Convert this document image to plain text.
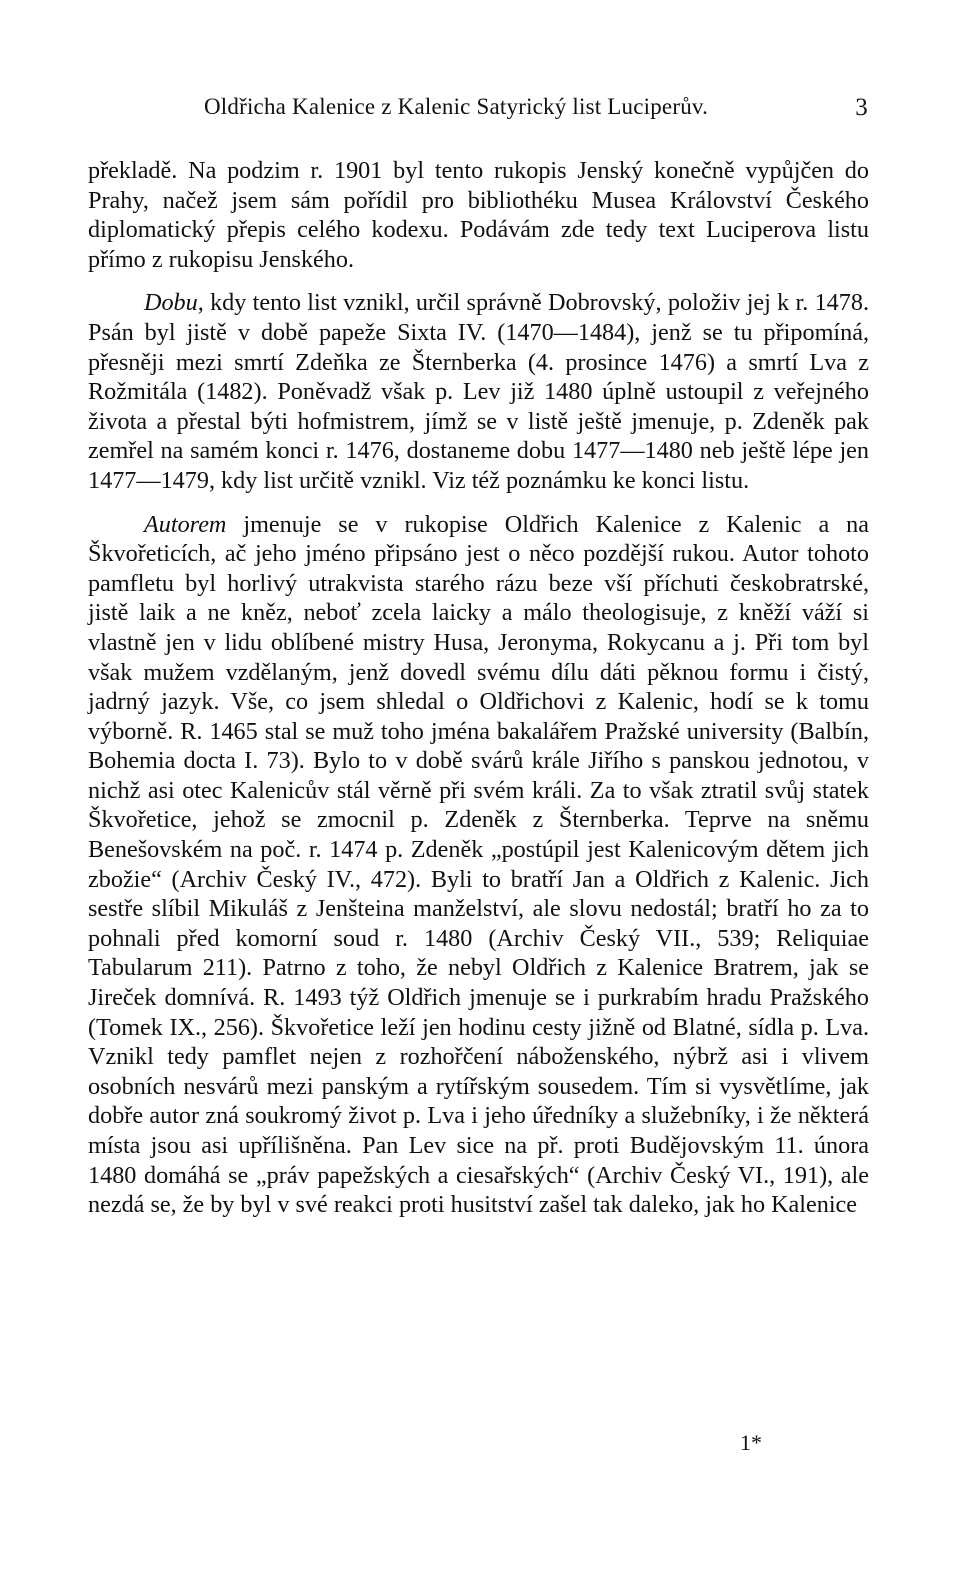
Oldřicha Kalenice z Kalenic Satyrický list Luciperův.	3

překladě. Na podzim r. 1901 byl tento rukopis Jenský konečně vypůjčen do Prahy, načež jsem sám pořídil pro bibliothéku Musea Království Českého diplomatický přepis celého kodexu. Podávám zde tedy text Luciperova listu přímo z rukopisu Jenského.

Dobu, kdy tento list vznikl, určil správně Dobrovský, položiv jej k r. 1478. Psán byl jistě v době papeže Sixta IV. (1470—1484), jenž se tu připomíná, přesněji mezi smrtí Zdeňka ze Šternberka (4. prosince 1476) a smrtí Lva z Rožmitála (1482). Poněvadž však p. Lev již 1480 úplně ustoupil z veřejného života a přestal býti hofmistrem, jímž se v listě ještě jmenuje, p. Zdeněk pak zemřel na samém konci r. 1476, dostaneme dobu 1477—1480 neb ještě lépe jen 1477—1479, kdy list určitě vznikl. Viz též poznámku ke konci listu.

Autorem jmenuje se v rukopise Oldřich Kalenice z Kalenic a na Škvořeticích, ač jeho jméno připsáno jest o něco pozdější rukou. Autor tohoto pamfletu byl horlivý utrakvista starého rázu beze vší příchuti českobratrské, jistě laik a ne kněz, neboť zcela laicky a málo theologisuje, z kněží váží si vlastně jen v lidu oblíbené mistry Husa, Jeronyma, Rokycanu a j. Při tom byl však mužem vzdělaným, jenž dovedl svému dílu dáti pěknou formu i čistý, jadrný jazyk. Vše, co jsem shledal o Oldřichovi z Kalenic, hodí se k tomu výborně. R. 1465 stal se muž toho jména bakalářem Pražské university (Balbín, Bohemia docta I. 73). Bylo to v době svárů krále Jiřího s panskou jednotou, v nichž asi otec Kalenicův stál věrně při svém králi. Za to však ztratil svůj statek Škvořetice, jehož se zmocnil p. Zdeněk z Šternberka. Teprve na sněmu Benešovském na poč. r. 1474 p. Zdeněk „postúpil jest Kalenicovým dětem jich zbožie“ (Archiv Český IV., 472). Byli to bratří Jan a Oldřich z Kalenic. Jich sestře slíbil Mikuláš z Jenšteina manželství, ale slovu nedostál; bratří ho za to pohnali před komorní soud r. 1480 (Archiv Český VII., 539; Reliquiae Tabularum 211). Patrno z toho, že nebyl Oldřich z Kalenice Bratrem, jak se Jireček domnívá. R. 1493 týž Oldřich jmenuje se i purkrabím hradu Pražského (Tomek IX., 256). Škvořetice leží jen hodinu cesty jižně od Blatné, sídla p. Lva. Vznikl tedy pamflet nejen z rozhořčení náboženského, nýbrž asi i vlivem osobních nesvárů mezi panským a rytířským sousedem. Tím si vysvětlíme, jak dobře autor zná soukromý život p. Lva i jeho úředníky a služebníky, i že některá místa jsou asi upřílišněna. Pan Lev sice na př. proti Budějovským 11. února 1480 domáhá se „práv papežských a ciesařských“ (Archiv Český VI., 191), ale nezdá se, že by byl v své reakci proti husitství zašel tak daleko, jak ho Kalenice

1*
